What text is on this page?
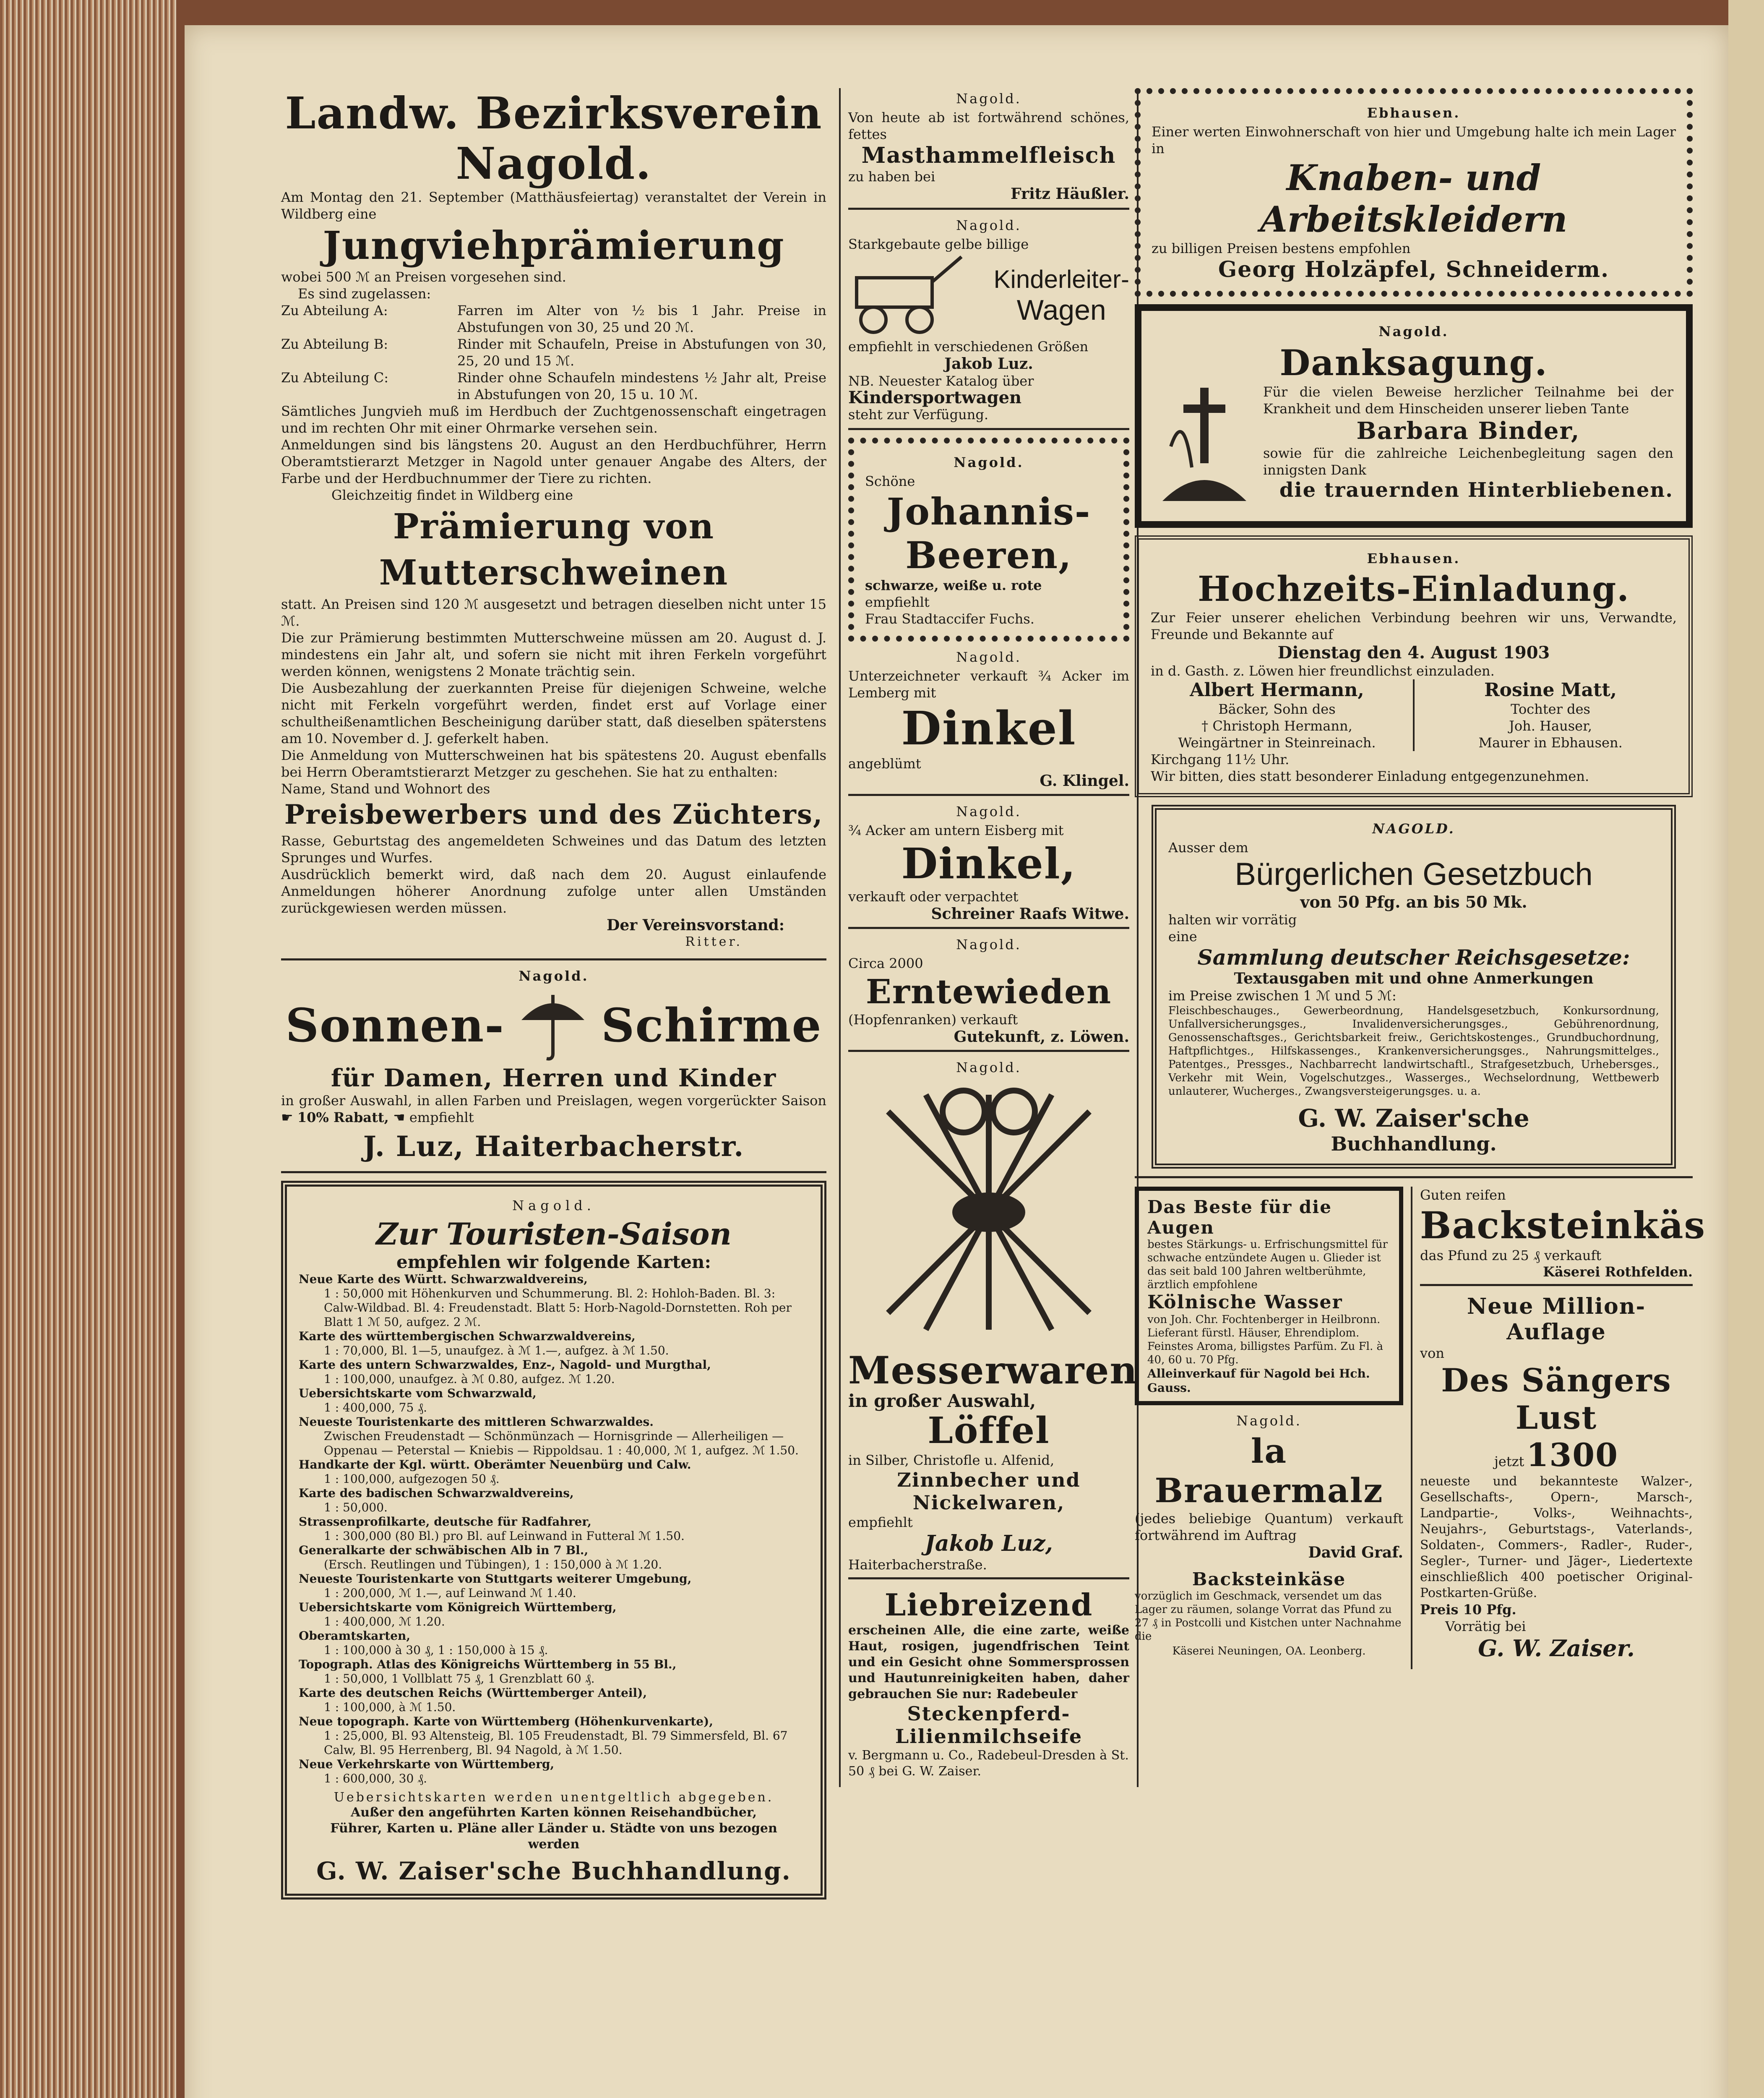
Landw. Bezirksverein Nagold.
Am Montag den 21. September (Matthäusfeiertag) veranstaltet der Verein in Wildberg eine
Jungviehprämierung
wobei 500 ℳ an Preisen vorgesehen sind.
Es sind zugelassen:
Zu Abteilung A:	Farren im Alter von ½ bis 1 Jahr. Preise in Abstufungen von 30, 25 und 20 ℳ.
Zu Abteilung B:	Rinder mit Schaufeln, Preise in Abstufungen von 30, 25, 20 und 15 ℳ.
Zu Abteilung C:	Rinder ohne Schaufeln mindestens ½ Jahr alt, Preise in Abstufungen von 20, 15 u. 10 ℳ.
Sämtliches Jungvieh muß im Herdbuch der Zuchtgenossenschaft eingetragen und im rechten Ohr mit einer Ohrmarke versehen sein.
Anmeldungen sind bis längstens 20. August an den Herdbuchführer, Herrn Oberamtstierarzt Metzger in Nagold unter genauer Angabe des Alters, der Farbe und der Herdbuchnummer der Tiere zu richten.
Gleichzeitig findet in Wildberg eine
Prämierung von Mutterschweinen
statt. An Preisen sind 120 ℳ ausgesetzt und betragen dieselben nicht unter 15 ℳ.
Die zur Prämierung bestimmten Mutterschweine müssen am 20. August d. J. mindestens ein Jahr alt, und sofern sie nicht mit ihren Ferkeln vorgeführt werden können, wenigstens 2 Monate trächtig sein.
Die Ausbezahlung der zuerkannten Preise für diejenigen Schweine, welche nicht mit Ferkeln vorgeführt werden, findet erst auf Vorlage einer schultheißenamtlichen Bescheinigung darüber statt, daß dieselben späterstens am 10. November d. J. geferkelt haben.
Die Anmeldung von Mutterschweinen hat bis spätestens 20. August ebenfalls bei Herrn Oberamtstierarzt Metzger zu geschehen. Sie hat zu enthalten:
Name, Stand und Wohnort des
Preisbewerbers und des Züchters,
Rasse, Geburtstag des angemeldeten Schweines und das Datum des letzten Sprunges und Wurfes.
Ausdrücklich bemerkt wird, daß nach dem 20. August einlaufende Anmeldungen höherer Anordnung zufolge unter allen Umständen zurückgewiesen werden müssen.
Der Vereinsvorstand:
Ritter.
Nagold.
Sonnen- Schirme
für Damen, Herren und Kinder
in großer Auswahl, in allen Farben und Preislagen, wegen vorgerückter Saison ☛ 10% Rabatt, ☚ empfiehlt
J. Luz, Haiterbacherstr.
Nagold.
Zur Touristen-Saison
empfehlen wir folgende Karten:
Neue Karte des Württ. Schwarzwaldvereins,
1 : 50,000 mit Höhenkurven und Schummerung. Bl. 2: Hohloh-Baden. Bl. 3: Calw-Wildbad. Bl. 4: Freudenstadt. Blatt 5: Horb-Nagold-Dornstetten. Roh per Blatt 1 ℳ 50, aufgez. 2 ℳ.
Karte des württembergischen Schwarzwaldvereins,
1 : 70,000, Bl. 1—5, unaufgez. à ℳ 1.—, aufgez. à ℳ 1.50.
Karte des untern Schwarzwaldes, Enz-, Nagold- und Murgthal,
1 : 100,000, unaufgez. à ℳ 0.80, aufgez. ℳ 1.20.
Uebersichtskarte vom Schwarzwald,
1 : 400,000, 75 ₰.
Neueste Touristenkarte des mittleren Schwarzwaldes.
Zwischen Freudenstadt — Schönmünzach — Hornisgrinde — Allerheiligen — Oppenau — Peterstal — Kniebis — Rippoldsau. 1 : 40,000, ℳ 1, aufgez. ℳ 1.50.
Handkarte der Kgl. württ. Oberämter Neuenbürg und Calw.
1 : 100,000, aufgezogen 50 ₰.
Karte des badischen Schwarzwaldvereins,
1 : 50,000.
Strassenprofilkarte, deutsche für Radfahrer,
1 : 300,000 (80 Bl.) pro Bl. auf Leinwand in Futteral ℳ 1.50.
Generalkarte der schwäbischen Alb in 7 Bl.,
(Ersch. Reutlingen und Tübingen), 1 : 150,000 à ℳ 1.20.
Neueste Touristenkarte von Stuttgarts weiterer Umgebung,
1 : 200,000, ℳ 1.—, auf Leinwand ℳ 1.40.
Uebersichtskarte vom Königreich Württemberg,
1 : 400,000, ℳ 1.20.
Oberamtskarten,
1 : 100,000 à 30 ₰, 1 : 150,000 à 15 ₰.
Topograph. Atlas des Königreichs Württemberg in 55 Bl.,
1 : 50,000, 1 Vollblatt 75 ₰, 1 Grenzblatt 60 ₰.
Karte des deutschen Reichs (Württemberger Anteil),
1 : 100,000, à ℳ 1.50.
Neue topograph. Karte von Württemberg (Höhenkurvenkarte),
1 : 25,000, Bl. 93 Altensteig, Bl. 105 Freudenstadt, Bl. 79 Simmersfeld, Bl. 67 Calw, Bl. 95 Herrenberg, Bl. 94 Nagold, à ℳ 1.50.
Neue Verkehrskarte von Württemberg,
1 : 600,000, 30 ₰.
Uebersichtskarten werden unentgeltlich abgegeben.
Außer den angeführten Karten können Reisehandbücher, Führer, Karten u. Pläne aller Länder u. Städte von uns bezogen werden
G. W. Zaiser'sche Buchhandlung.
Nagold.
Von heute ab ist fortwährend schönes, fettes
Masthammelfleisch
zu haben bei
Fritz Häußler.
Nagold.
Starkgebaute gelbe billige
Kinderleiter-
Wagen
empfiehlt in verschiedenen Größen
Jakob Luz.
NB. Neuester Katalog über
Kindersportwagen
steht zur Verfügung.
Nagold.
Schöne
Johannis-
Beeren,
schwarze, weiße u. rote
empfiehlt
Frau Stadtaccifer Fuchs.
Nagold.
Unterzeichneter verkauft ¾ Acker im Lemberg mit
Dinkel
angeblümt
G. Klingel.
Nagold.
¾ Acker am untern Eisberg mit
Dinkel,
verkauft oder verpachtet
Schreiner Raafs Witwe.
Nagold.
Circa 2000
Erntewieden
(Hopfenranken) verkauft
Gutekunft, z. Löwen.
Nagold.
Messerwaren
in großer Auswahl,
Löffel
in Silber, Christofle u. Alfenid,
Zinnbecher und Nickelwaren,
empfiehlt
Jakob Luz,
Haiterbacherstraße.
Liebreizend
erscheinen Alle, die eine zarte, weiße Haut, rosigen, jugendfrischen Teint und ein Gesicht ohne Sommersprossen und Hautunreinigkeiten haben, daher gebrauchen Sie nur: Radebeuler
Steckenpferd-Lilienmilchseife
v. Bergmann u. Co., Radebeul-Dresden à St. 50 ₰ bei G. W. Zaiser.
Ebhausen.
Einer werten Einwohnerschaft von hier und Umgebung halte ich mein Lager in
Knaben- und
Arbeitskleidern
zu billigen Preisen bestens empfohlen
Georg Holzäpfel, Schneiderm.
Nagold.
Danksagung.
Für die vielen Beweise herzlicher Teilnahme bei der Krankheit und dem Hinscheiden unserer lieben Tante
Barbara Binder,
sowie für die zahlreiche Leichenbegleitung sagen den innigsten Dank
die trauernden Hinterbliebenen.
Ebhausen.
Hochzeits-Einladung.
Zur Feier unserer ehelichen Verbindung beehren wir uns, Verwandte, Freunde und Bekannte auf
Dienstag den 4. August 1903
in d. Gasth. z. Löwen hier freundlichst einzuladen.
Albert Hermann,
Bäcker, Sohn des
† Christoph Hermann,
Weingärtner in Steinreinach.
Rosine Matt,
Tochter des
Joh. Hauser,
Maurer in Ebhausen.
Kirchgang 11½ Uhr.
Wir bitten, dies statt besonderer Einladung entgegenzunehmen.
NAGOLD.
Ausser dem
Bürgerlichen Gesetzbuch
von 50 Pfg. an bis 50 Mk.
halten wir vorrätig
eine
Sammlung deutscher Reichsgesetze:
Textausgaben mit und ohne Anmerkungen
im Preise zwischen 1 ℳ und 5 ℳ:
Fleischbeschauges., Gewerbeordnung, Handelsgesetzbuch, Konkursordnung, Unfallversicherungsges., Invalidenversicherungsges., Gebührenordnung, Genossenschaftsges., Gerichtsbarkeit freiw., Gerichtskostenges., Grundbuchordnung, Haftpflichtges., Hilfskassenges., Krankenversicherungsges., Nahrungsmittelges., Patentges., Pressges., Nachbarrecht landwirtschaftl., Strafgesetzbuch, Urhebersges., Verkehr mit Wein, Vogelschutzges., Wasserges., Wechselordnung, Wettbewerb unlauterer, Wucherges., Zwangsversteigerungsges. u. a.
G. W. Zaiser'sche
Buchhandlung.
Das Beste für die Augen
bestes Stärkungs- u. Erfrischungsmittel für schwache entzündete Augen u. Glieder ist das seit bald 100 Jahren weltberühmte, ärztlich empfohlene
Kölnische Wasser
von Joh. Chr. Fochtenberger in Heilbronn.
Lieferant fürstl. Häuser, Ehrendiplom. Feinstes Aroma, billigstes Parfüm. Zu Fl. à 40, 60 u. 70 Pfg.
Alleinverkauf für Nagold bei Hch. Gauss.
Nagold.
la Brauermalz
(jedes beliebige Quantum) verkauft fortwährend im Auftrag
David Graf.
Backsteinkäse
vorzüglich im Geschmack, versendet um das Lager zu räumen, solange Vorrat das Pfund zu 27 ₰ in Postcolli und Kistchen unter Nachnahme die
Käserei Neuningen, OA. Leonberg.
Guten reifen
Backsteinkäs
das Pfund zu 25 ₰ verkauft
Käserei Rothfelden.
Neue Million-Auflage
von
Des Sängers Lust
jetzt 1300
neueste und bekannteste Walzer-, Gesellschafts-, Opern-, Marsch-, Landpartie-, Volks-, Weihnachts-, Neujahrs-, Geburtstags-, Vaterlands-, Soldaten-, Commers-, Radler-, Ruder-, Segler-, Turner- und Jäger-, Liedertexte einschließlich 400 poetischer Original-Postkarten-Grüße.
Preis 10 Pfg.
Vorrätig bei
G. W. Zaiser.
